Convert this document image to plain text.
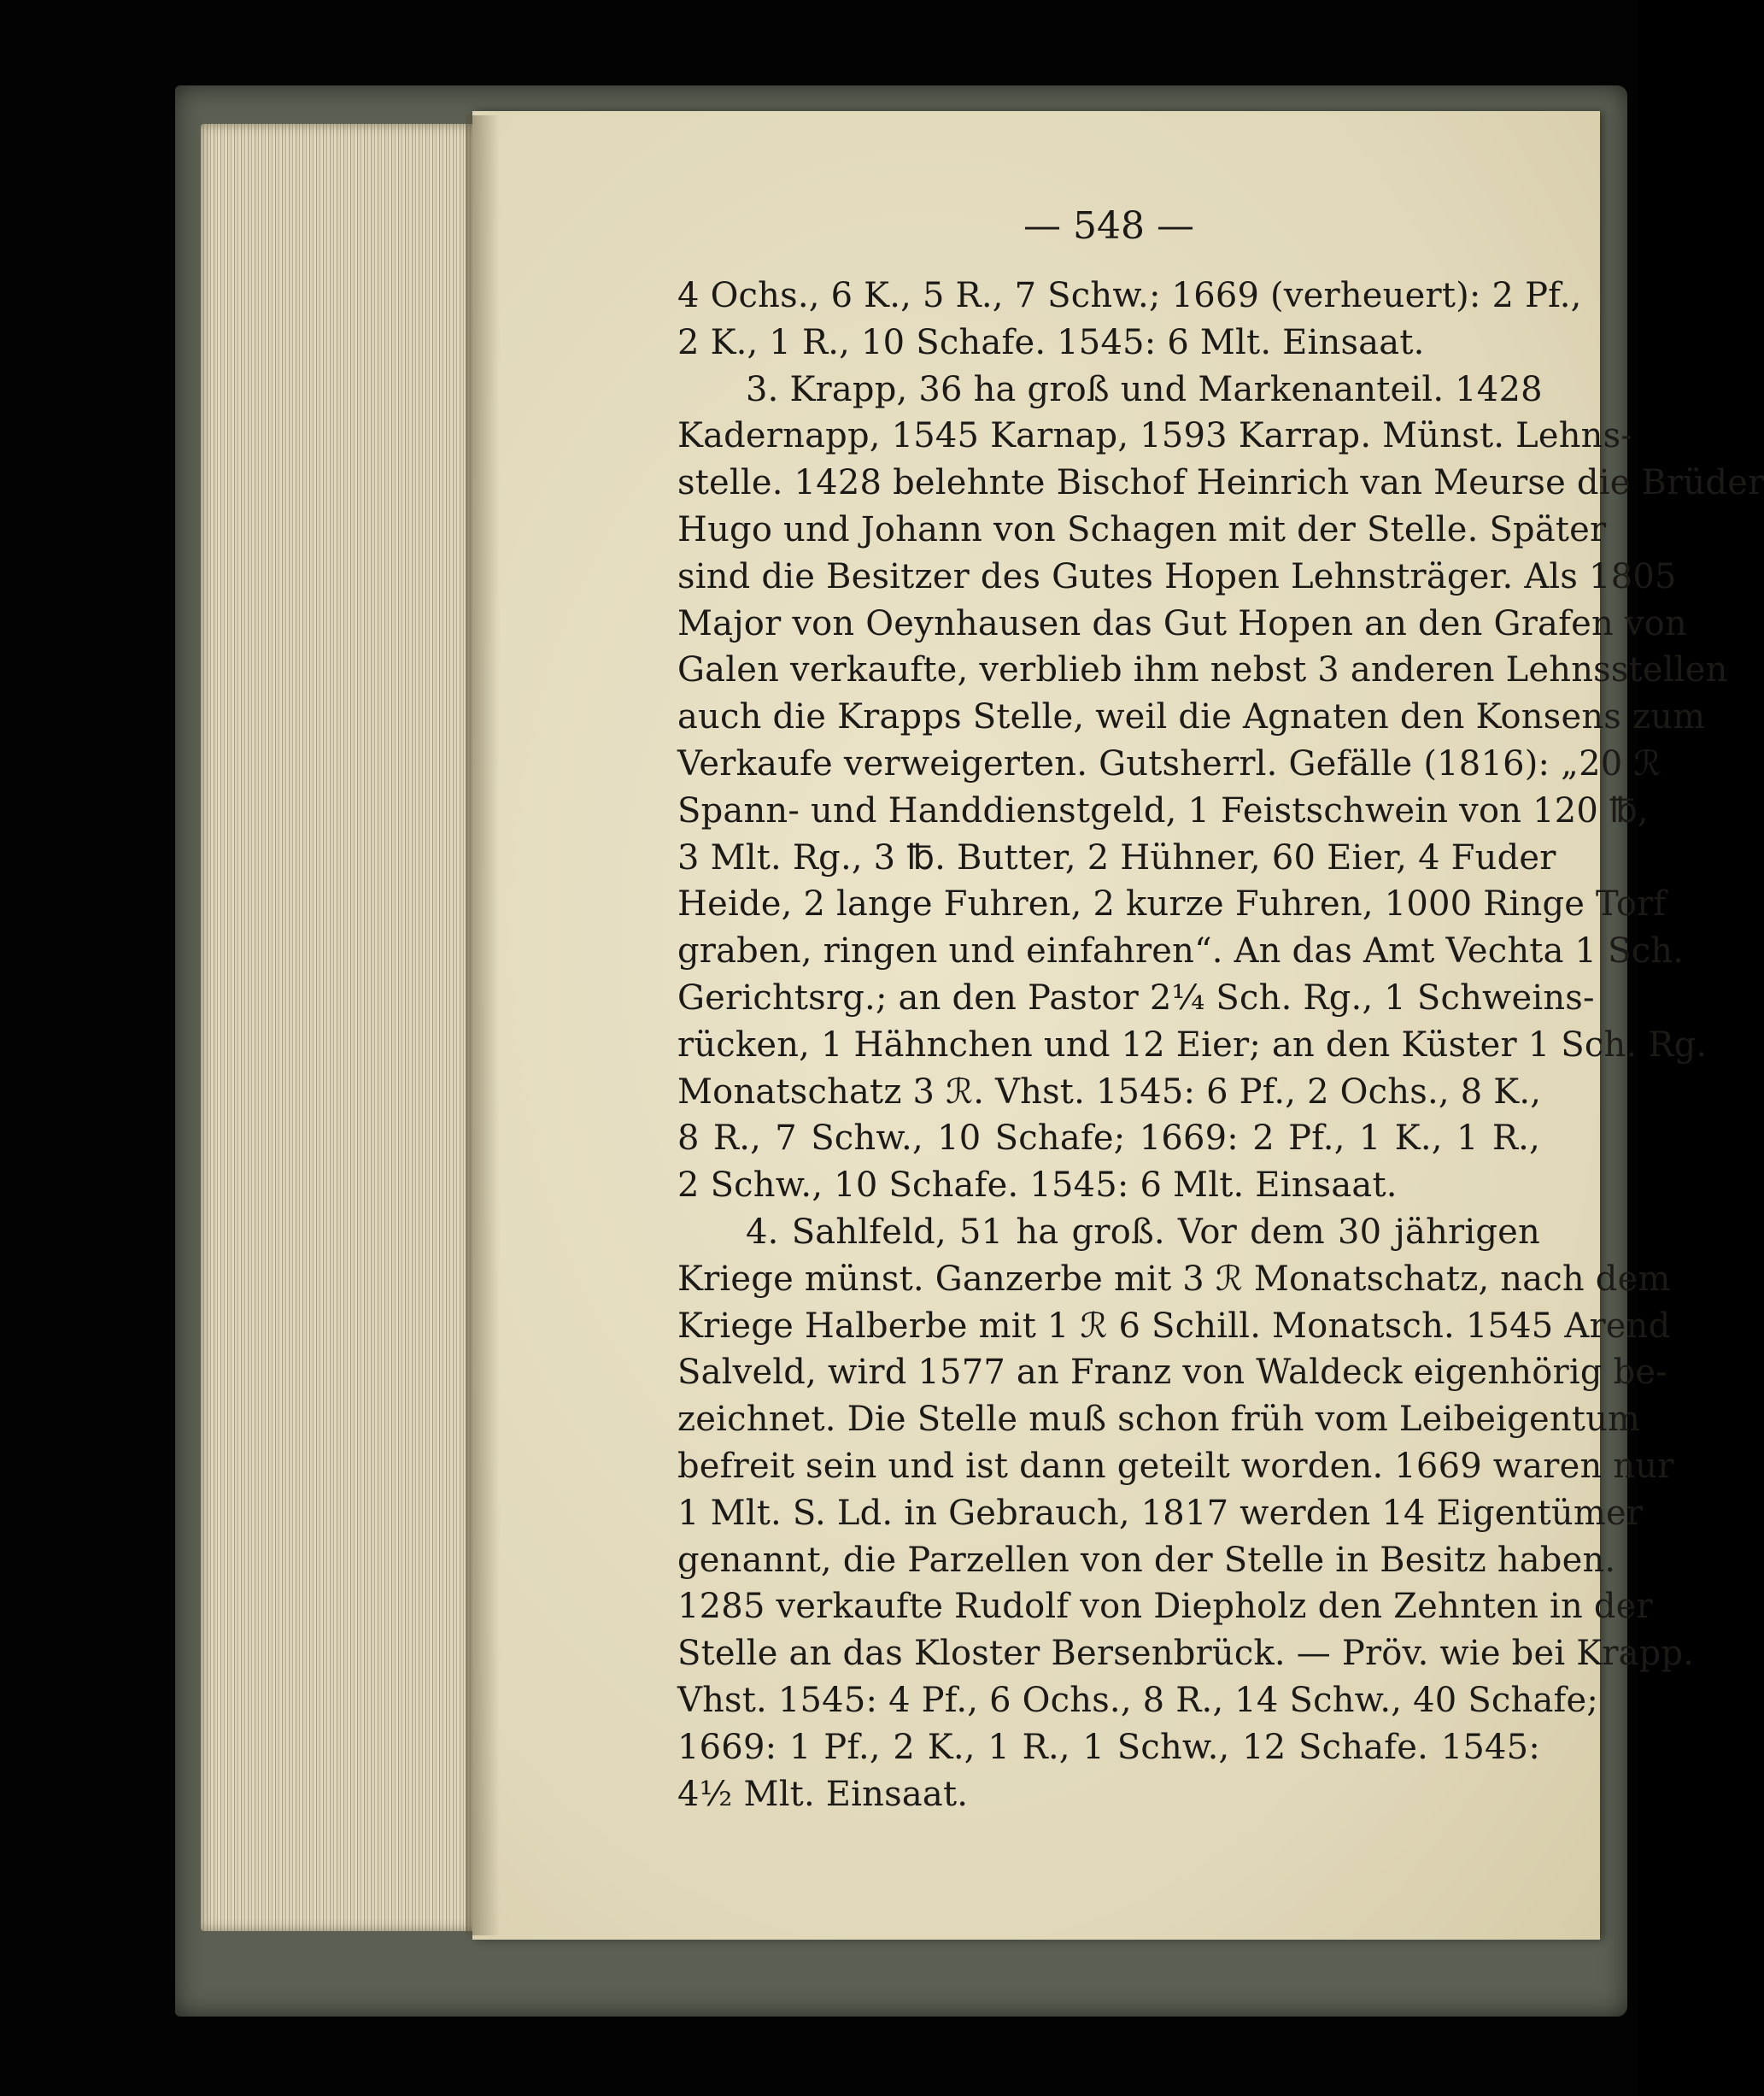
— 548 —
4 Ochs., 6 K., 5 R., 7 Schw.; 1669 (verheuert): 2 Pf.,
2 K., 1 R., 10 Schafe. 1545: 6 Mlt. Einsaat.
3. Krapp, 36 ha groß und Markenanteil. 1428
Kadernapp, 1545 Karnap, 1593 Karrap. Münst. Lehns-
stelle. 1428 belehnte Bischof Heinrich van Meurse die Brüder
Hugo und Johann von Schagen mit der Stelle. Später
sind die Besitzer des Gutes Hopen Lehnsträger. Als 1805
Major von Oeynhausen das Gut Hopen an den Grafen von
Galen verkaufte, verblieb ihm nebst 3 anderen Lehnsstellen
auch die Krapps Stelle, weil die Agnaten den Konsens zum
Verkaufe verweigerten. Gutsherrl. Gefälle (1816): „20 ℛ
Spann- und Handdienstgeld, 1 Feistschwein von 120 ℔,
3 Mlt. Rg., 3 ℔. Butter, 2 Hühner, 60 Eier, 4 Fuder
Heide, 2 lange Fuhren, 2 kurze Fuhren, 1000 Ringe Torf
graben, ringen und einfahren“. An das Amt Vechta 1 Sch.
Gerichtsrg.; an den Pastor 2¼ Sch. Rg., 1 Schweins-
rücken, 1 Hähnchen und 12 Eier; an den Küster 1 Sch. Rg.
Monatschatz 3 ℛ. Vhst. 1545: 6 Pf., 2 Ochs., 8 K.,
8 R., 7 Schw., 10 Schafe; 1669: 2 Pf., 1 K., 1 R.,
2 Schw., 10 Schafe. 1545: 6 Mlt. Einsaat.
4. Sahlfeld, 51 ha groß. Vor dem 30 jährigen
Kriege münst. Ganzerbe mit 3 ℛ Monatschatz, nach dem
Kriege Halberbe mit 1 ℛ 6 Schill. Monatsch. 1545 Arend
Salveld, wird 1577 an Franz von Waldeck eigenhörig be-
zeichnet. Die Stelle muß schon früh vom Leibeigentum
befreit sein und ist dann geteilt worden. 1669 waren nur
1 Mlt. S. Ld. in Gebrauch, 1817 werden 14 Eigentümer
genannt, die Parzellen von der Stelle in Besitz haben.
1285 verkaufte Rudolf von Diepholz den Zehnten in der
Stelle an das Kloster Bersenbrück. — Pröv. wie bei Krapp.
Vhst. 1545: 4 Pf., 6 Ochs., 8 R., 14 Schw., 40 Schafe;
1669: 1 Pf., 2 K., 1 R., 1 Schw., 12 Schafe. 1545:
4½ Mlt. Einsaat.
